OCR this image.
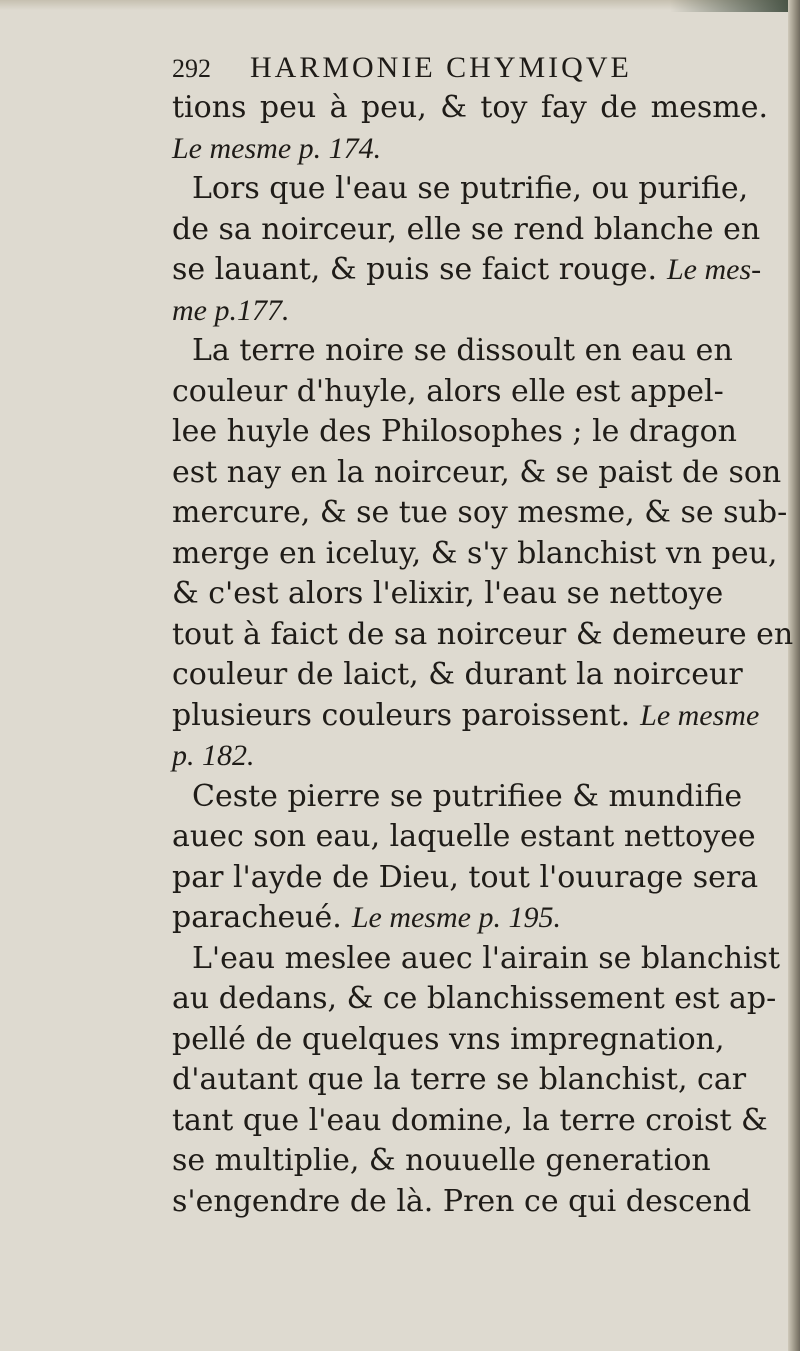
292	HARMONIE CHYMIQVE
tions peu à peu, & toy fay de mesme.
Le mesme p. 174.
Lors que l'eau se putrifie, ou purifie,
de sa noirceur, elle se rend blanche en
se lauant, & puis se faict rouge. Le mes-
me p.177.
La terre noire se dissoult en eau en
couleur d'huyle, alors elle est appel-
lee huyle des Philosophes ; le dragon
est nay en la noirceur, & se paist de son
mercure, & se tue soy mesme, & se sub-
merge en iceluy, & s'y blanchist vn peu,
& c'est alors l'elixir, l'eau se nettoye
tout à faict de sa noirceur & demeure en
couleur de laict, & durant la noirceur
plusieurs couleurs paroissent. Le mesme
p. 182.
Ceste pierre se putrifiee & mundifie
auec son eau, laquelle estant nettoyee
par l'ayde de Dieu, tout l'ouurage sera
paracheué. Le mesme p. 195.
L'eau meslee auec l'airain se blanchist
au dedans, & ce blanchissement est ap-
pellé de quelques vns impregnation,
d'autant que la terre se blanchist, car
tant que l'eau domine, la terre croist &
se multiplie, & nouuelle generation
s'engendre de là. Pren ce qui descend
